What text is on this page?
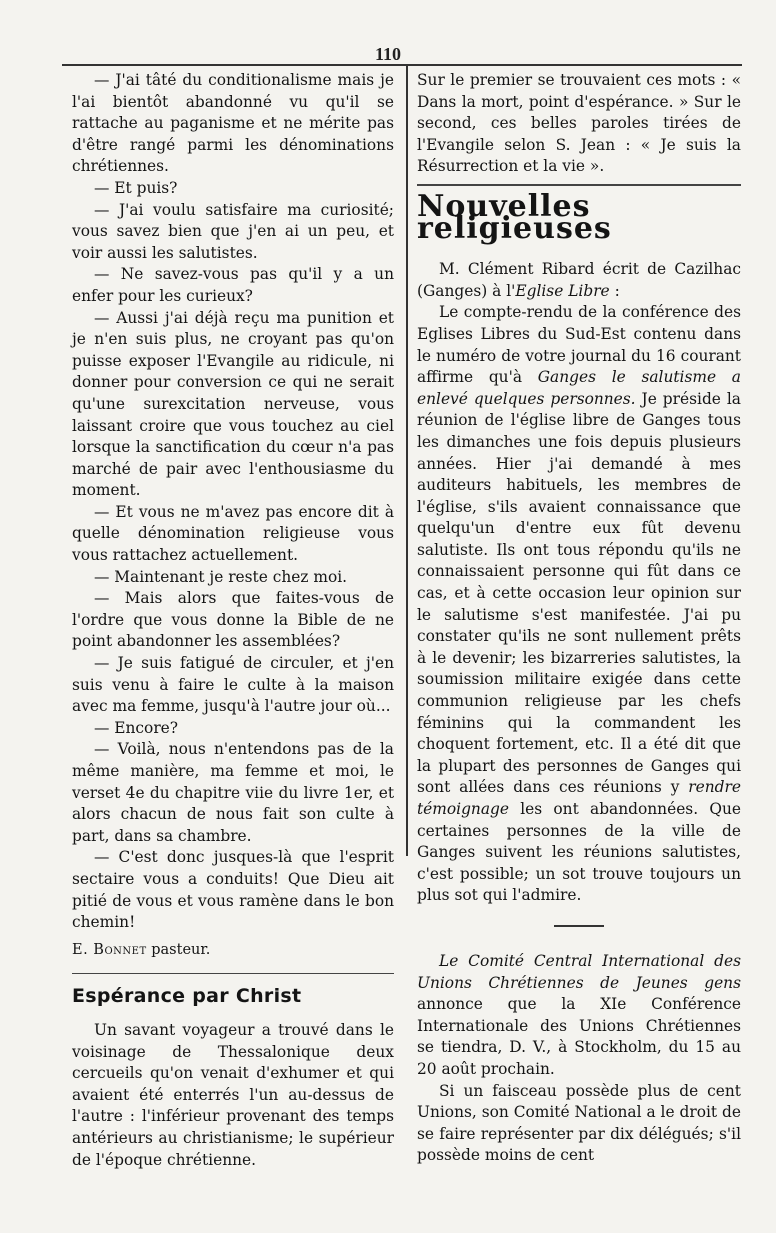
110

— J'ai tâté du conditionalisme mais je l'ai bientôt abandonné vu qu'il se rattache au paganisme et ne mérite pas d'être rangé parmi les dénominations chrétiennes.

— Et puis?

— J'ai voulu satisfaire ma curiosité; vous savez bien que j'en ai un peu, et voir aussi les salutistes.

— Ne savez-vous pas qu'il y a un enfer pour les curieux?

— Aussi j'ai déjà reçu ma punition et je n'en suis plus, ne croyant pas qu'on puisse exposer l'Evangile au ridicule, ni donner pour conversion ce qui ne serait qu'une surexcitation nerveuse, vous laissant croire que vous touchez au ciel lorsque la sanctification du cœur n'a pas marché de pair avec l'enthousiasme du moment.

— Et vous ne m'avez pas encore dit à quelle dénomination religieuse vous vous rattachez actuellement.

— Maintenant je reste chez moi.

— Mais alors que faites-vous de l'ordre que vous donne la Bible de ne point abandonner les assemblées?

— Je suis fatigué de circuler, et j'en suis venu à faire le culte à la maison avec ma femme, jusqu'à l'autre jour où...

— Encore?

— Voilà, nous n'entendons pas de la même manière, ma femme et moi, le verset 4e du chapitre viie du livre 1er, et alors chacun de nous fait son culte à part, dans sa chambre.

— C'est donc jusques-là que l'esprit sectaire vous a conduits! Que Dieu ait pitié de vous et vous ramène dans le bon chemin!

E. Bonnet pasteur.

Espérance par Christ

Un savant voyageur a trouvé dans le voisinage de Thessalonique deux cercueils qu'on venait d'exhumer et qui avaient été enterrés l'un au-dessus de l'autre : l'inférieur provenant des temps antérieurs au christianisme; le supérieur de l'époque chrétienne.

Sur le premier se trouvaient ces mots : « Dans la mort, point d'espérance. » Sur le second, ces belles paroles tirées de l'Evangile selon S. Jean : « Je suis la Résurrection et la vie ».

Nouvelles religieuses

M. Clément Ribard écrit de Cazilhac (Ganges) à l'Eglise Libre :

Le compte-rendu de la conférence des Eglises Libres du Sud-Est contenu dans le numéro de votre journal du 16 courant affirme qu'à Ganges le salutisme a enlevé quelques personnes. Je préside la réunion de l'église libre de Ganges tous les dimanches une fois depuis plusieurs années. Hier j'ai demandé à mes auditeurs habituels, les membres de l'église, s'ils avaient connaissance que quelqu'un d'entre eux fût devenu salutiste. Ils ont tous répondu qu'ils ne connaissaient personne qui fût dans ce cas, et à cette occasion leur opinion sur le salutisme s'est manifestée. J'ai pu constater qu'ils ne sont nullement prêts à le devenir; les bizarreries salutistes, la soumission militaire exigée dans cette communion religieuse par les chefs féminins qui la commandent les choquent fortement, etc. Il a été dit que la plupart des personnes de Ganges qui sont allées dans ces réunions y rendre témoignage les ont abandonnées. Que certaines personnes de la ville de Ganges suivent les réunions salutistes, c'est possible; un sot trouve toujours un plus sot qui l'admire.

Le Comité Central International des Unions Chrétiennes de Jeunes gens annonce que la XIe Conférence Internationale des Unions Chrétiennes se tiendra, D. V., à Stockholm, du 15 au 20 août prochain.

Si un faisceau possède plus de cent Unions, son Comité National a le droit de se faire représenter par dix délégués; s'il possède moins de cent
